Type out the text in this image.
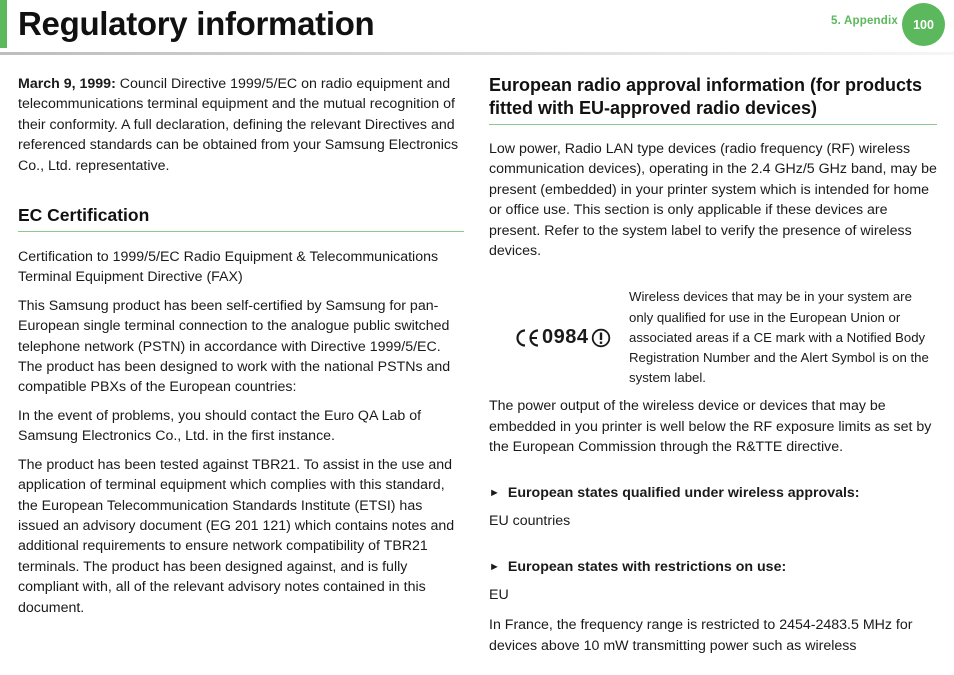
Regulatory information	5. Appendix	100

March 9, 1999: Council Directive 1999/5/EC on radio equipment and telecommunications terminal equipment and the mutual recognition of their conformity. A full declaration, defining the relevant Directives and referenced standards can be obtained from your Samsung Electronics Co., Ltd. representative.

EC Certification

Certification to 1999/5/EC Radio Equipment & Telecommunications Terminal Equipment Directive (FAX)

This Samsung product has been self-certified by Samsung for pan-European single terminal connection to the analogue public switched telephone network (PSTN) in accordance with Directive 1999/5/EC. The product has been designed to work with the national PSTNs and compatible PBXs of the European countries:

In the event of problems, you should contact the Euro QA Lab of Samsung Electronics Co., Ltd. in the first instance.

The product has been tested against TBR21. To assist in the use and application of terminal equipment which complies with this standard, the European Telecommunication Standards Institute (ETSI) has issued an advisory document (EG 201 121) which contains notes and additional requirements to ensure network compatibility of TBR21 terminals. The product has been designed against, and is fully compliant with, all of the relevant advisory notes contained in this document.

European radio approval information (for products fitted with EU-approved radio devices)

Low power, Radio LAN type devices (radio frequency (RF) wireless communication devices), operating in the 2.4 GHz/5 GHz band, may be present (embedded) in your printer system which is intended for home or office use. This section is only applicable if these devices are present. Refer to the system label to verify the presence of wireless devices.

0984

Wireless devices that may be in your system are only qualified for use in the European Union or associated areas if a CE mark with a Notified Body Registration Number and the Alert Symbol is on the system label.

The power output of the wireless device or devices that may be embedded in you printer is well below the RF exposure limits as set by the European Commission through the R&TTE directive.

► European states qualified under wireless approvals:

EU countries

► European states with restrictions on use:

EU

In France, the frequency range is restricted to 2454-2483.5 MHz for devices above 10 mW transmitting power such as wireless
